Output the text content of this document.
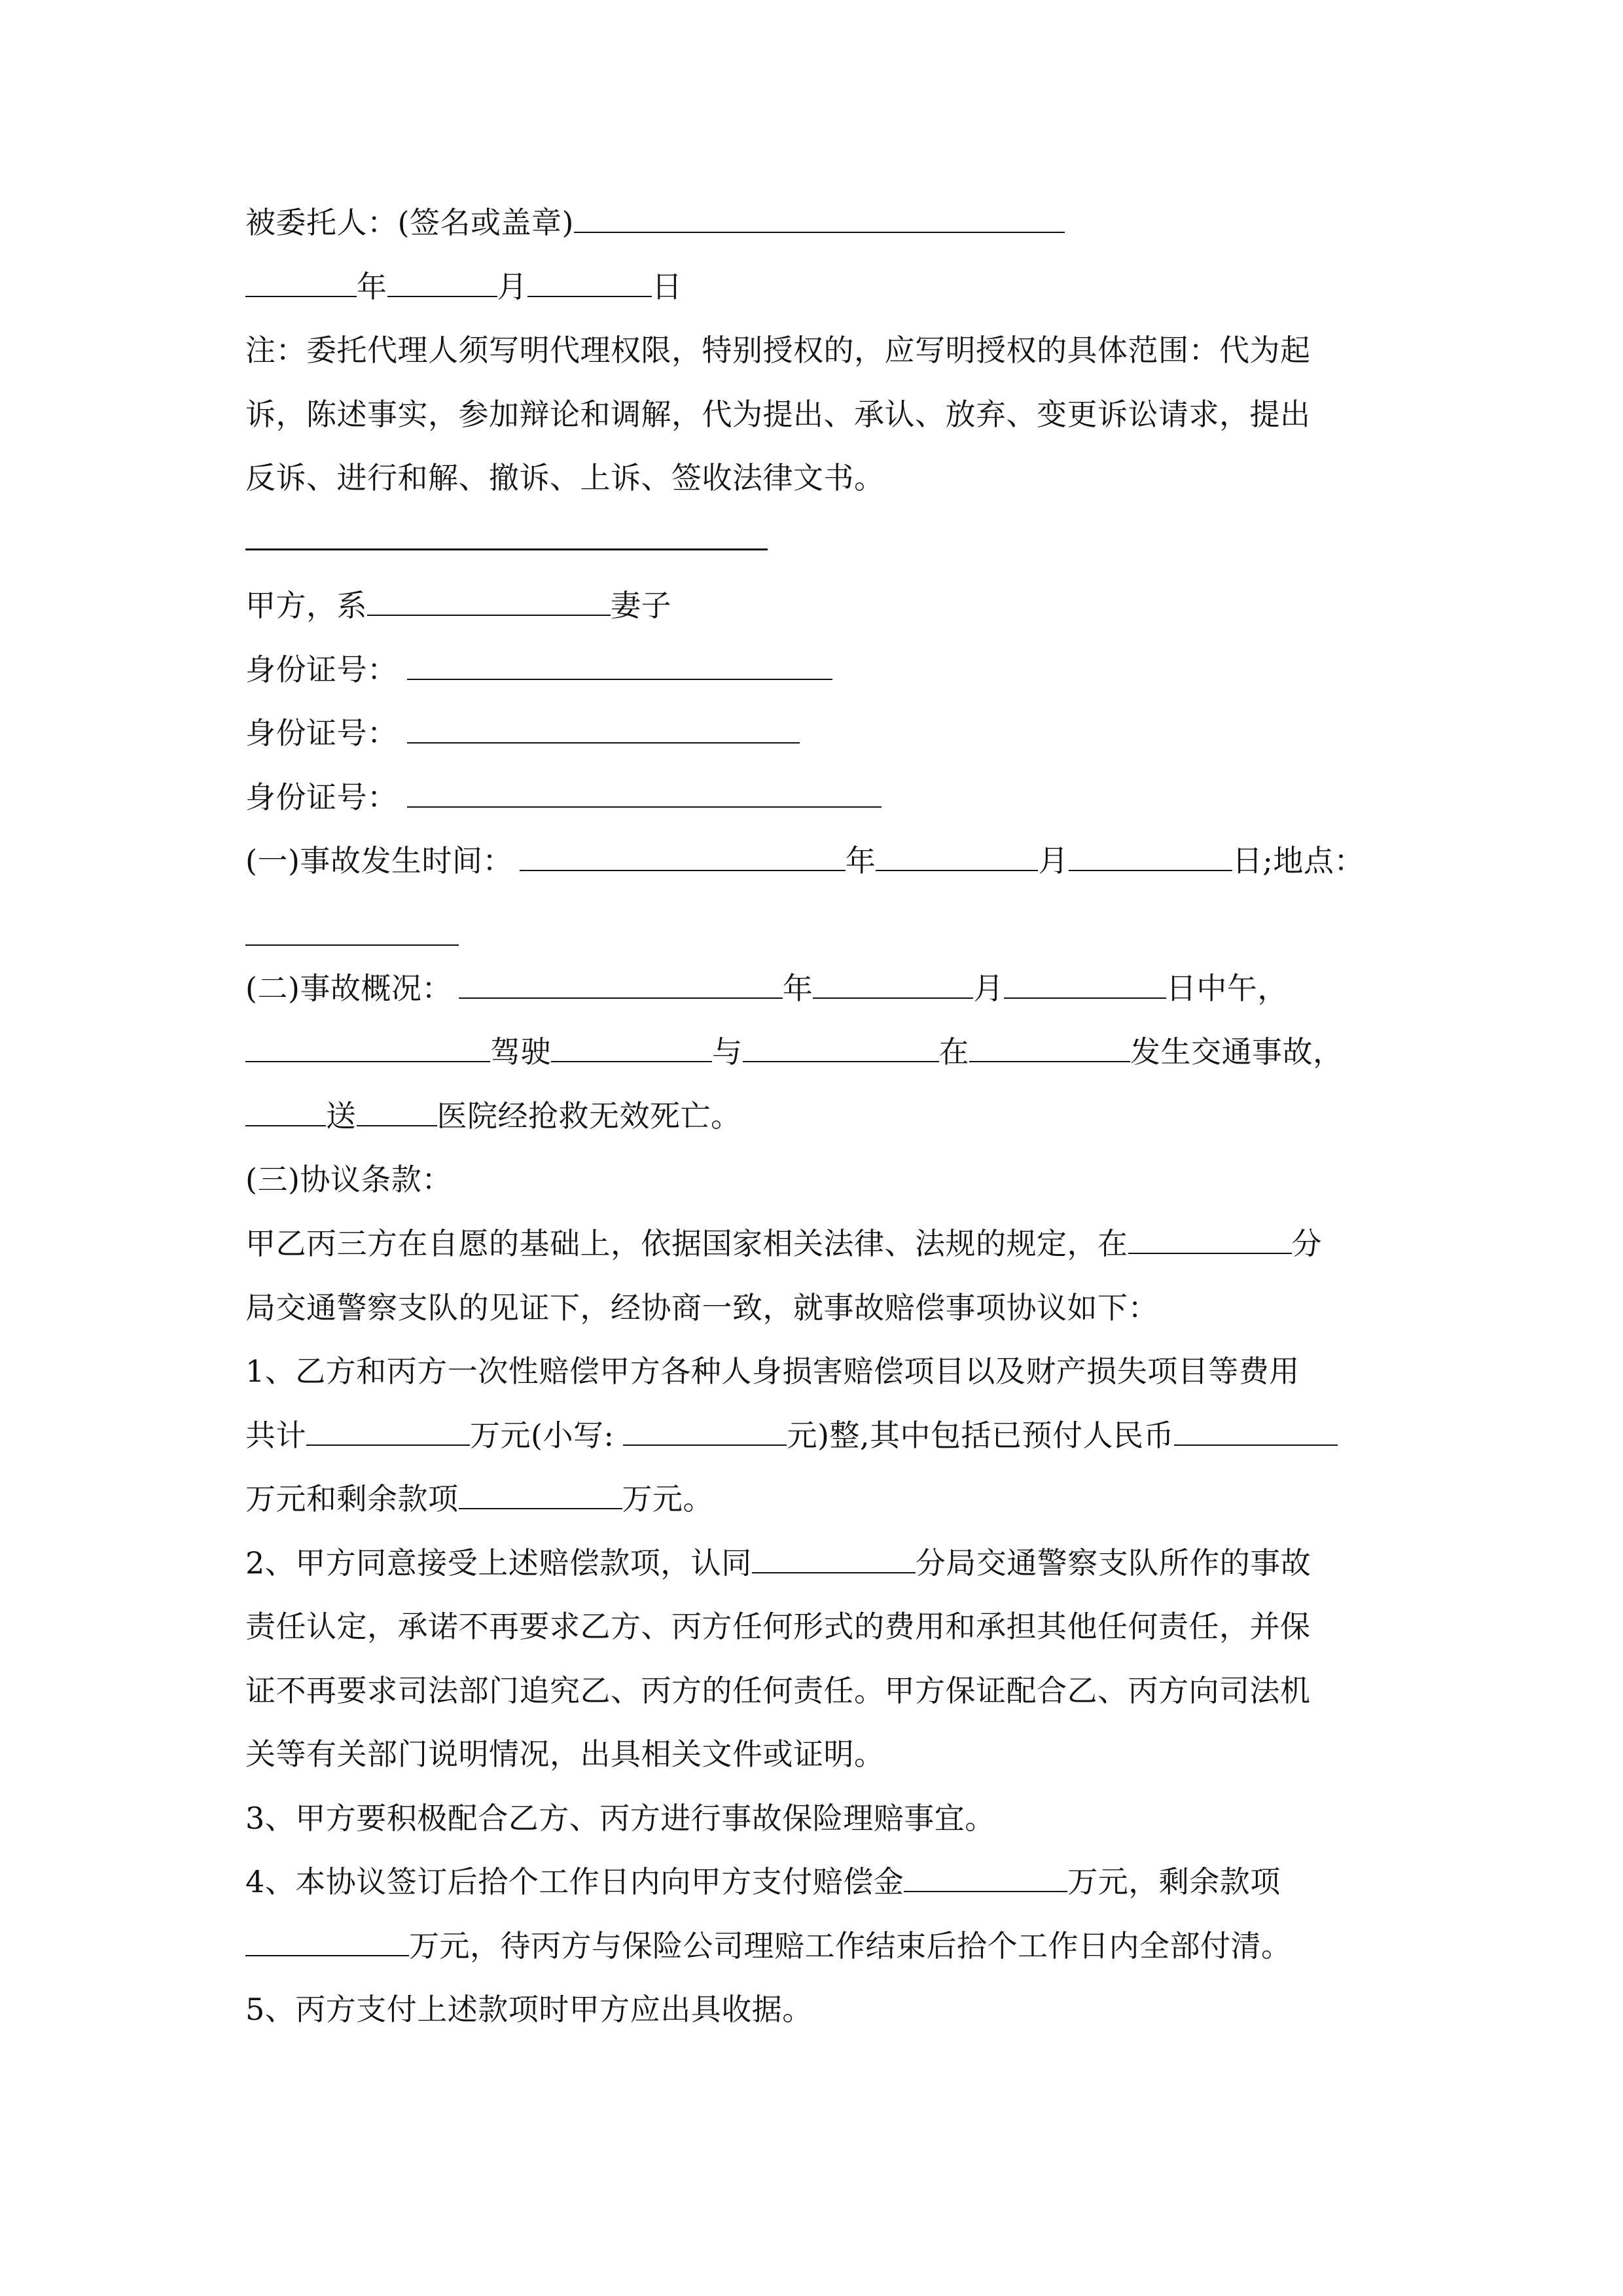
被委托人：(签名或盖章)
年	月	日
注：委托代理人须写明代理权限，特别授权的，应写明授权的具体范围：代为起
诉，陈述事实，参加辩论和调解，代为提出、承认、放弃、变更诉讼请求，提出
反诉、进行和解、撤诉、上诉、签收法律文书。
甲方，系	妻子
身份证号：
身份证号：
身份证号：
(一)事故发生时间：	年	月	日;地点：
(二)事故概况：	年	月	日中午，
驾驶	与	在	发生交通事故，
送	医院经抢救无效死亡。
(三)协议条款：
甲乙丙三方在自愿的基础上，依据国家相关法律、法规的规定，在	分
局交通警察支队的见证下，经协商一致，就事故赔偿事项协议如下：
1、乙方和丙方一次性赔偿甲方各种人身损害赔偿项目以及财产损失项目等费用
共计	万元(小写:	元)整,其中包括已预付人民币
万元和剩余款项	万元。
2、甲方同意接受上述赔偿款项，认同	分局交通警察支队所作的事故
责任认定，承诺不再要求乙方、丙方任何形式的费用和承担其他任何责任，并保
证不再要求司法部门追究乙、丙方的任何责任。甲方保证配合乙、丙方向司法机
关等有关部门说明情况，出具相关文件或证明。
3、甲方要积极配合乙方、丙方进行事故保险理赔事宜。
4、本协议签订后拾个工作日内向甲方支付赔偿金	万元，剩余款项
万元，待丙方与保险公司理赔工作结束后拾个工作日内全部付清。
5、丙方支付上述款项时甲方应出具收据。
